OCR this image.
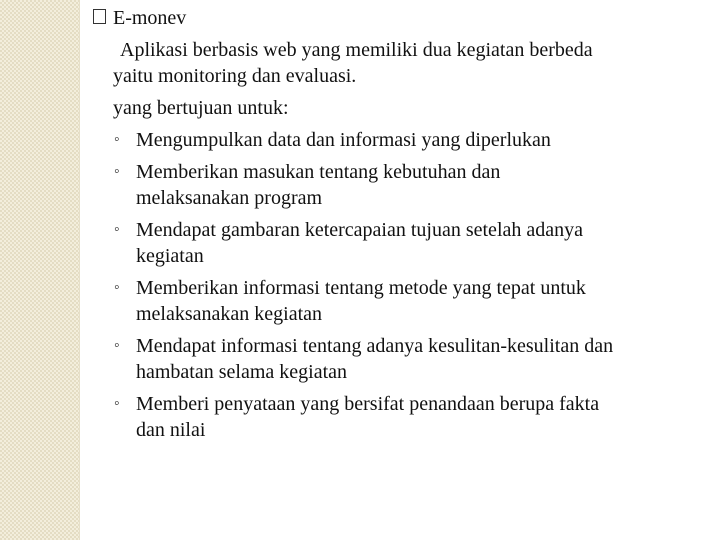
E-monev
Aplikasi berbasis web yang memiliki dua kegiatan berbeda
yaitu monitoring dan evaluasi.
yang bertujuan untuk:
◦ Mengumpulkan data dan informasi yang diperlukan
◦ Memberikan masukan tentang kebutuhan dan
melaksanakan program
◦ Mendapat gambaran ketercapaian tujuan setelah adanya
kegiatan
◦ Memberikan informasi tentang metode yang tepat untuk
melaksanakan kegiatan
◦ Mendapat informasi tentang adanya kesulitan-kesulitan dan
hambatan selama kegiatan
◦ Memberi penyataan yang bersifat penandaan berupa fakta
dan nilai
